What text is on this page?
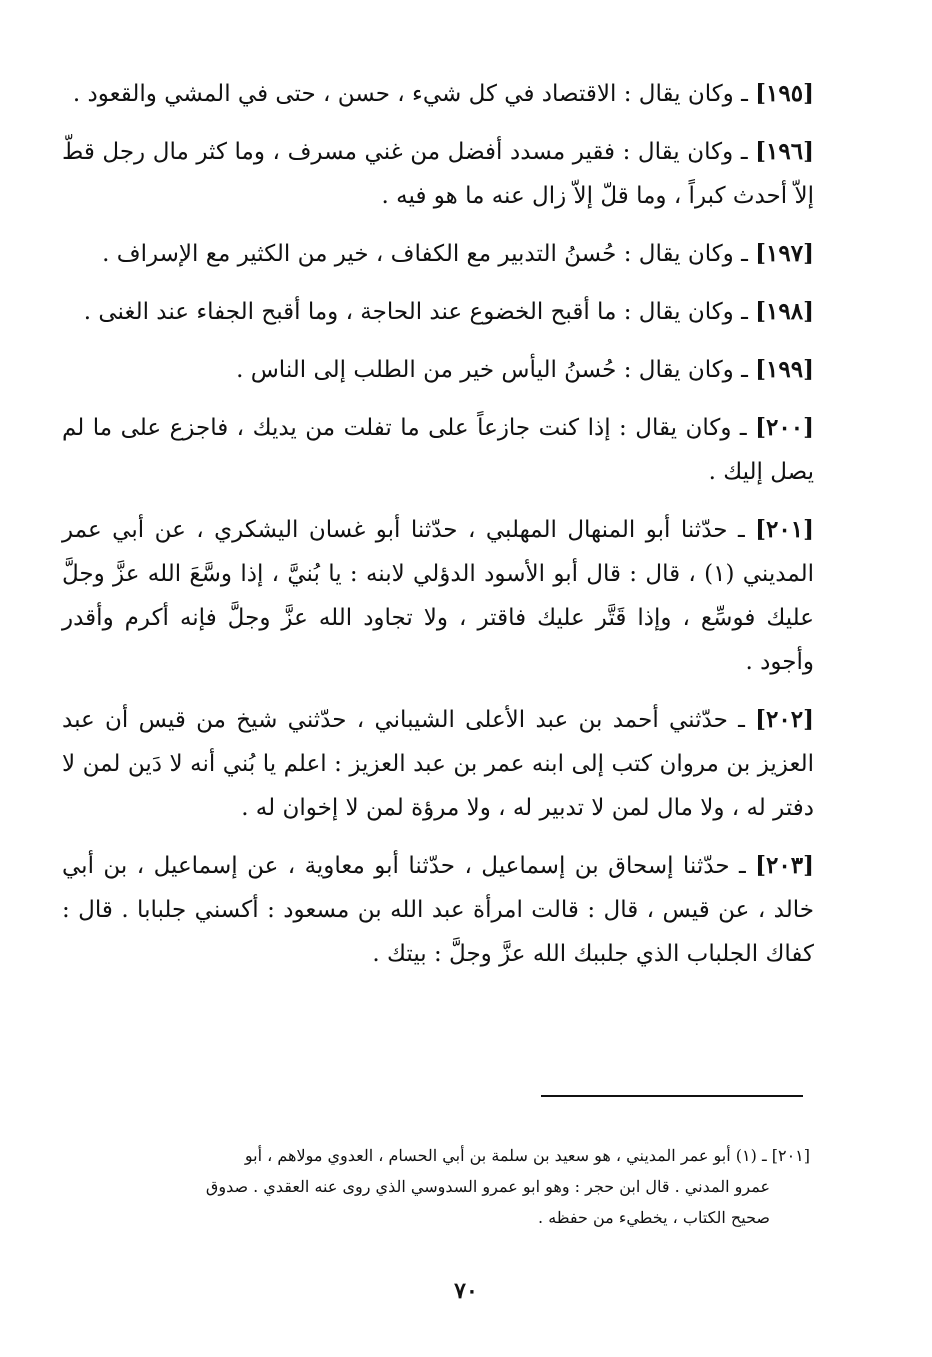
[١٩٥] ـ وكان يقال : الاقتصاد في كل شيء ، حسن ، حتى في المشي والقعود .

[١٩٦] ـ وكان يقال : فقير مسدد أفضل من غني مسرف ، وما كثر مال رجل قطّ إلاّ أحدث كبراً ، وما قلّ إلاّ زال عنه ما هو فيه .

[١٩٧] ـ وكان يقال : حُسنُ التدبير مع الكفاف ، خير من الكثير مع الإسراف .

[١٩٨] ـ وكان يقال : ما أقبح الخضوع عند الحاجة ، وما أقبح الجفاء عند الغنى .

[١٩٩] ـ وكان يقال : حُسنُ اليأس خير من الطلب إلى الناس .

[٢٠٠] ـ وكان يقال : إذا كنت جازعاً على ما تفلت من يديك ، فاجزع على ما لم يصل إليك .

[٢٠١] ـ حدّثنا أبو المنهال المهلبي ، حدّثنا أبو غسان اليشكري ، عن أبي عمر المديني (١) ، قال : قال أبو الأسود الدؤلي لابنه : يا بُنيَّ ، إذا وسَّعَ الله عزَّ وجلَّ عليك فوسِّع ، وإذا قَتَّر عليك فاقتر ، ولا تجاود الله عزَّ وجلَّ فإنه أكرم وأقدر وأجود .

[٢٠٢] ـ حدّثني أحمد بن عبد الأعلى الشيباني ، حدّثني شيخ من قيس أن عبد العزيز بن مروان كتب إلى ابنه عمر بن عبد العزيز : اعلم يا بُني أنه لا دَين لمن لا دفتر له ، ولا مال لمن لا تدبير له ، ولا مرؤة لمن لا إخوان له .

[٢٠٣] ـ حدّثنا إسحاق بن إسماعيل ، حدّثنا أبو معاوية ، عن إسماعيل ، بن أبي خالد ، عن قيس ، قال : قالت امرأة عبد الله بن مسعود : أكسني جلبابا . قال : كفاك الجلباب الذي جلببك الله عزَّ وجلَّ : بيتك .

[٢٠١] ـ (١) أبو عمر المديني ، هو سعيد بن سلمة بن أبي الحسام ، العدوي مولاهم ، أبو
عمرو المدني . قال ابن حجر : وهو ابو عمرو السدوسي الذي روى عنه العقدي . صدوق
صحيح الكتاب ، يخطيء من حفظه .
٧٠
